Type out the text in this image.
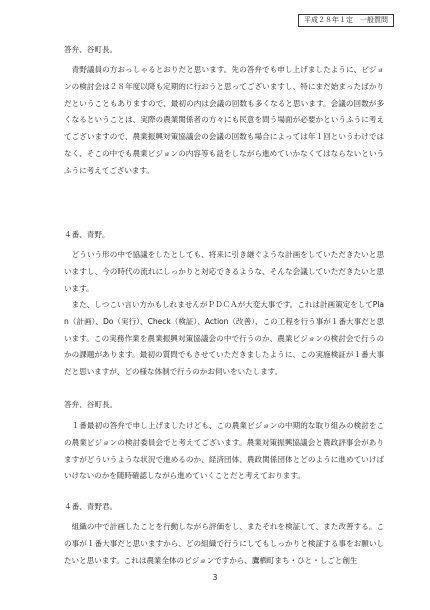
平成２８年１定　一般質問
答弁、谷町長。
青野議員の方おっしゃるとおりだと思います。先の答弁でも申し上げましたように、ビジョンの検討会は２８年度以降も定期的に行おうと思ってございますし、特にまだ始まったばかりだということもありますので、最初の内は会議の回数も多くなると思います。会議の回数が多くなるということは、実際の農業関係者の方々にも民意を問う場面が必要かというふうに考えてございますので、農業振興対策協議会の会議の回数も場合によっては年１回というわけではなく、そこの中でも農業ビジョンの内容等も話をしながら進めていかなくてはならないというふうに考えてございます。
４番、青野。
どういう形の中で協議をしたとしても、将来に引き継ぐような計画をしていただきたいと思いますし、今の時代の流れにしっかりと対応できるような、そんな会議していただきたいと思います。
また、しつこい言い方かもしれませんがＰＤＣＡが大変大事です。これは計画策定をしてPlan（計画）、Do（実行）、Check（検証）、Action（改善）、この工程を行う事が１番大事だと思います。この実務作業を農業振興対策協議会の中で行うのか、農業ビジョンの検討会で行うのかの課題があります。最初の質問でもさせていただきましたように、この実施検証が１番大事だと思いますが、どの様な体制で行うのかお伺いをいたします。
答弁、谷町長。
１番最初の答弁で申し上げましたけども、この農業ビジョンの中期的な取り組みの検討をこの農業ビジョンの検討委員会でと考えてございます。農業対策振興協議会と農政評事会がありますがどういうような状況で進めるのか、経済団体、農政関係団体とどのように進めていけばいけないのかを随時確認しながら進めていくことだと考えております。
４番、青野君。
組織の中で計画したことを行動しながら評価をし、またそれを検証して、また改善する。この事が１番大事だと思いますから、どの組織で行うにしてもしっかりと検証する事をお願いしたいと思います。これは農業全体のビジョンですから、鷹栖町まち・ひと・しごと創生
3
